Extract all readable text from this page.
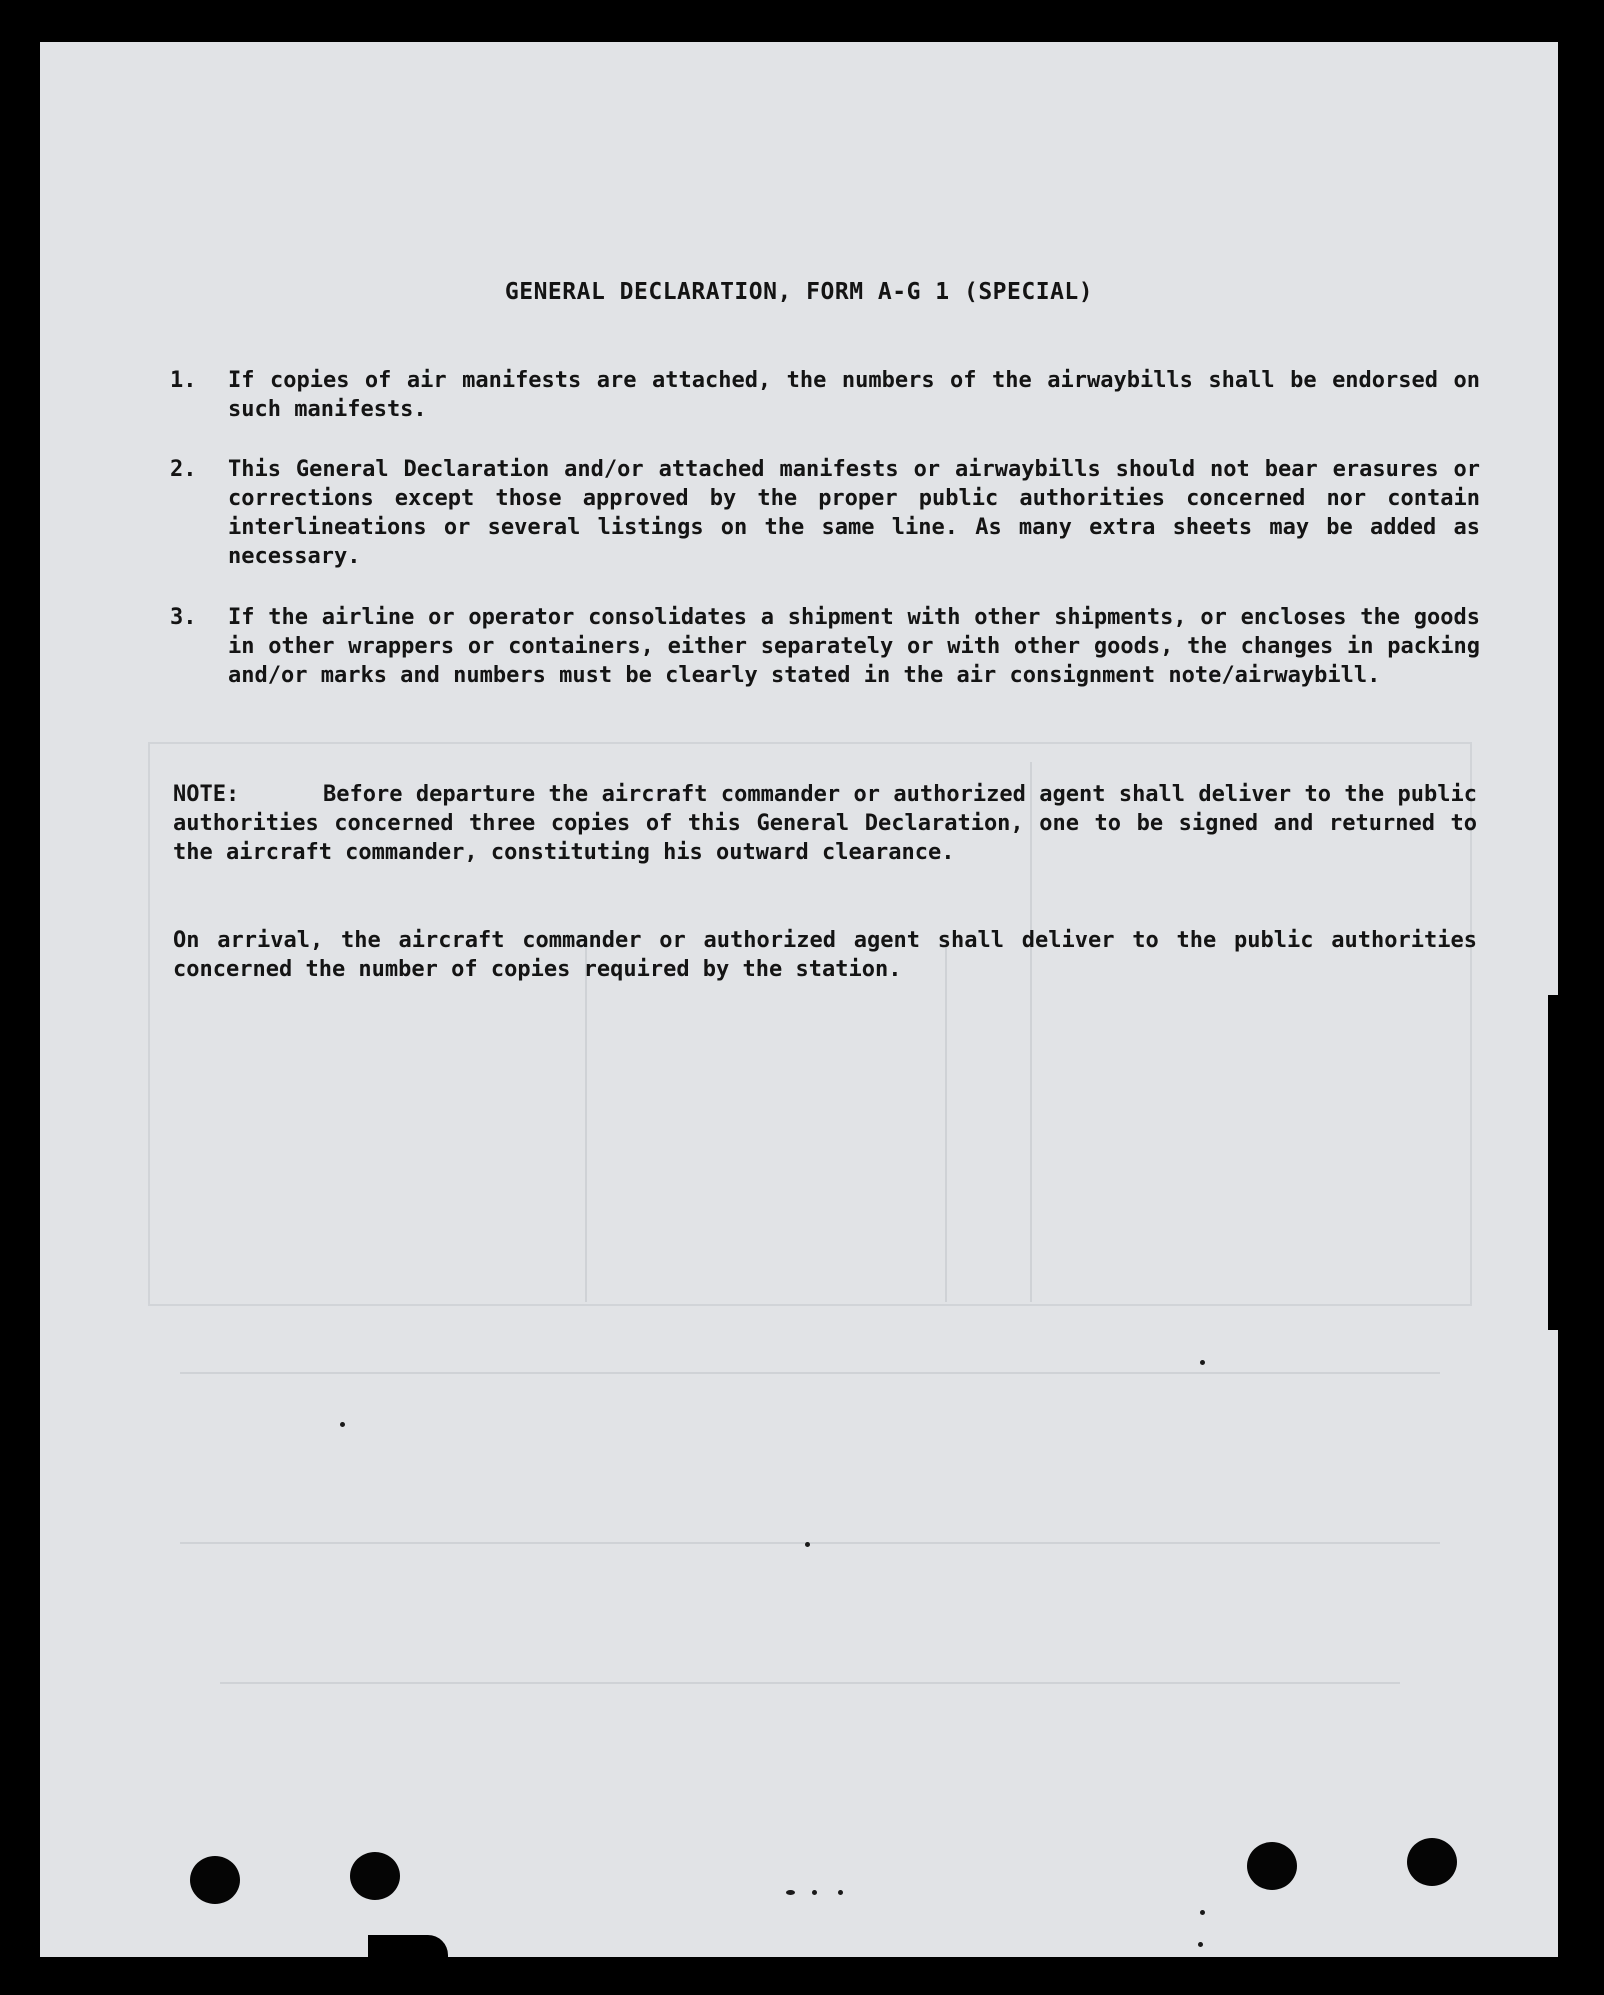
GENERAL DECLARATION, FORM A-G 1 (SPECIAL)
1. If copies of air manifests are attached, the numbers of the airwaybills shall be endorsed on such manifests.
2. This General Declaration and/or attached manifests or airwaybills should not bear erasures or corrections except those approved by the proper public authorities concerned nor contain interlineations or several listings on the same line. As many extra sheets may be added as necessary.
3. If the airline or operator consolidates a shipment with other shipments, or encloses the goods in other wrappers or containers, either separately or with other goods, the changes in packing and/or marks and numbers must be clearly stated in the air consignment note/airwaybill.
NOTE:	Before departure the aircraft commander or authorized agent shall deliver to the public authorities concerned three copies of this General Declaration, one to be signed and returned to the aircraft commander, constituting his outward clearance.
On arrival, the aircraft commander or authorized agent shall deliver to the public authorities concerned the number of copies required by the station.
